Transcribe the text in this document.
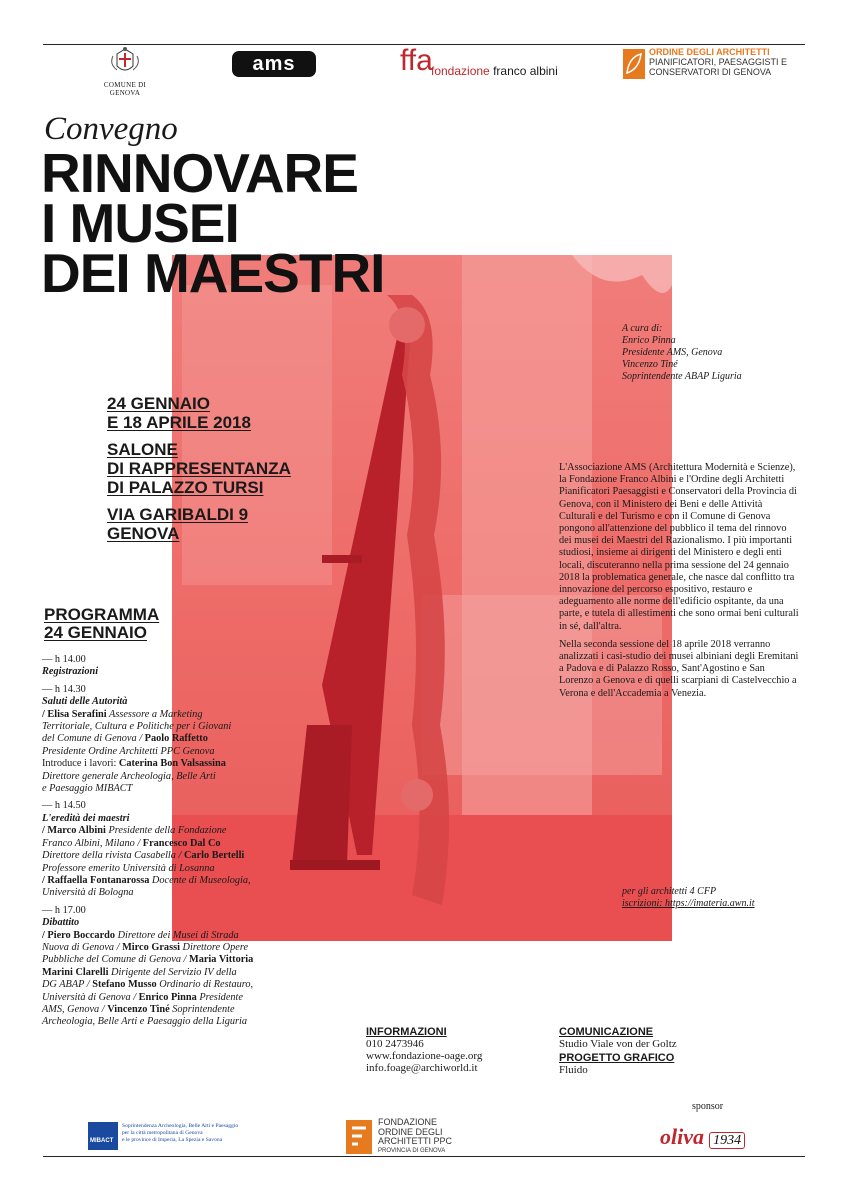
COMUNE DI GENOVA
ams	ffa
fondazione franco albini
ORDINE DEGLI ARCHITETTI
PIANIFICATORI, PAESAGGISTI E
CONSERVATORI DI GENOVA
Convegno
RINNOVARE
I MUSEI
DEI MAESTRI
A cura di:
Enrico Pinna
Presidente AMS, Genova
Vincenzo Tiné
Soprintendente ABAP Liguria
24 GENNAIO
E 18 APRILE 2018
SALONE
DI RAPPRESENTANZA
DI PALAZZO TURSI
VIA GARIBALDI 9
GENOVA
PROGRAMMA
24 GENNAIO
— h 14.00
Registrazioni
— h 14.30
Saluti delle Autorità
/ Elisa Serafini Assessore a Marketing
Territoriale, Cultura e Politiche per i Giovani
del Comune di Genova / Paolo Raffetto
Presidente Ordine Architetti PPC Genova
Introduce i lavori: Caterina Bon Valsassina
Direttore generale Archeologia, Belle Arti
e Paesaggio MIBACT
— h 14.50
L'eredità dei maestri
/ Marco Albini Presidente della Fondazione
Franco Albini, Milano / Francesco Dal Co
Direttore della rivista Casabella / Carlo Bertelli
Professore emerito Università di Losanna
/ Raffaella Fontanarossa Docente di Museologia,
Università di Bologna
— h 17.00
Dibattito
/ Piero Boccardo Direttore dei Musei di Strada
Nuova di Genova / Mirco Grassi Direttore Opere
Pubbliche del Comune di Genova / Maria Vittoria
Marini Clarelli Dirigente del Servizio IV della
DG ABAP / Stefano Musso Ordinario di Restauro,
Università di Genova / Enrico Pinna Presidente
AMS, Genova / Vincenzo Tiné Soprintendente
Archeologia, Belle Arti e Paesaggio della Liguria

L'Associazione AMS (Architettura Modernità e Scienze), la Fondazione Franco Albini e l'Ordine degli Architetti Pianificatori Paesaggisti e Conservatori della Provincia di Genova, con il Ministero dei Beni e delle Attività Culturali e del Turismo e con il Comune di Genova pongono all'attenzione del pubblico il tema del rinnovo dei musei dei Maestri del Razionalismo. I più importanti studiosi, insieme ai dirigenti del Ministero e degli enti locali, discuteranno nella prima sessione del 24 gennaio 2018 la problematica generale, che nasce dal conflitto tra innovazione del percorso espositivo, restauro e adeguamento alle norme dell'edificio ospitante, da una parte, e tutela di allestimenti che sono ormai beni culturali in sé, dall'altra.

Nella seconda sessione del 18 aprile 2018 verranno analizzati i casi-studio dei musei albiniani degli Eremitani a Padova e di Palazzo Rosso, Sant'Agostino e San Lorenzo a Genova e di quelli scarpiani di Castelvecchio a Verona e dell'Accademia a Venezia.

per gli architetti 4 CFP
iscrizioni: https://imateria.awn.it
INFORMAZIONI
010 2473946
www.fondazione-oage.org
info.foage@archiworld.it
COMUNICAZIONE
Studio Viale von der Goltz
PROGETTO GRAFICO
Fluido
MIBACT
Soprintendenza Archeologia, Belle Arti e Paesaggio
per la città metropolitana di Genova
e le province di Imperia, La Spezia e Savona
FONDAZIONE
ORDINE DEGLI
ARCHITETTI PPC
PROVINCIA DI GENOVA
sponsor
oliva 1934
